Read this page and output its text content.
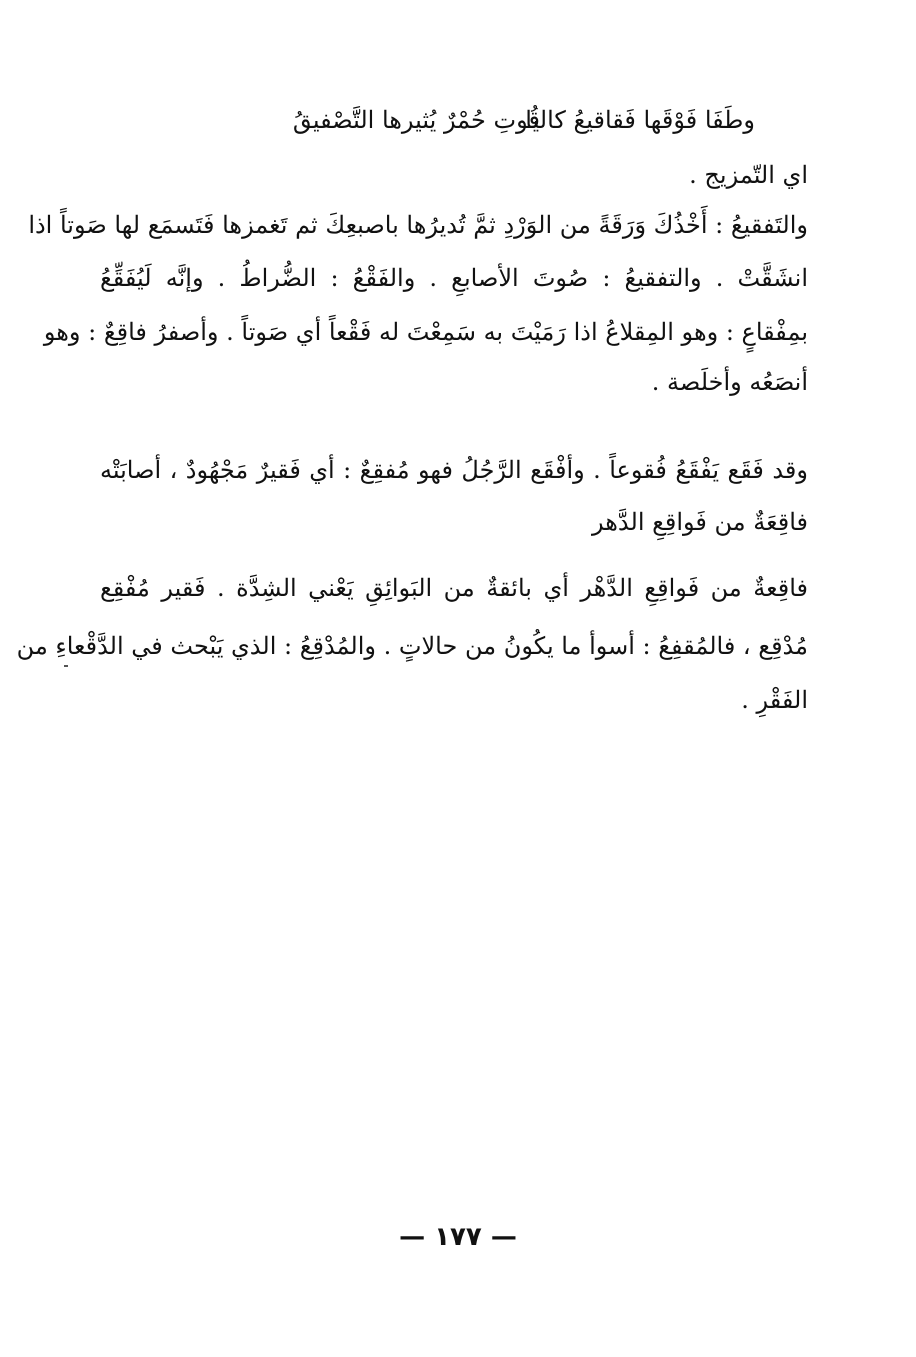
وطَفَا فَوْقَها فَقاقيعُ كاليا
قُوتِ حُمْرٌ يُثيرها التَّصْفيقُ
اي التّمزيج .
والتَفقيعُ : أَخْذُكَ وَرَقَةً من الوَرْدِ ثمَّ تُديرُها باصبعِكَ ثم تَغمزها فَتَسمَع لها صَوتاً اذا
انشَقَّتْ . والتفقيعُ : صُوتَ الأصابعِ . والفَقْعُ : الضُّراطُ . وإنَّه لَيُفَقِّعُ
بمِفْقاعٍ : وهو المِقلاعُ اذا رَمَيْتَ به سَمِعْتَ له فَقْعاً أي صَوتاً . وأصفرُ فاقِعٌ : وهو
أنصَعُه وأخلَصة .
وقد فَقَع يَفْقَعُ فُقوعاً . وأفْقَع الرَّجُلُ فهو مُفقِعٌ : أي فَقيرٌ مَجْهُودٌ ، أصابَتْه
فاقِعَةٌ من فَواقِعِ الدَّهر
فاقِعةٌ من فَواقِعِ الدَّهْر أي بائقةٌ من البَوائِقِ يَعْني الشِدَّة . فَقير مُفْقِع
مُدْقِع ، فالمُقفِعُ : أسوأ ما يكُونُ من حالاتٍ . والمُدْقِعُ : الذي يَبْحث في الدَّقْعاءِ من
الفَقْرِ .
— ١٧٧ —
